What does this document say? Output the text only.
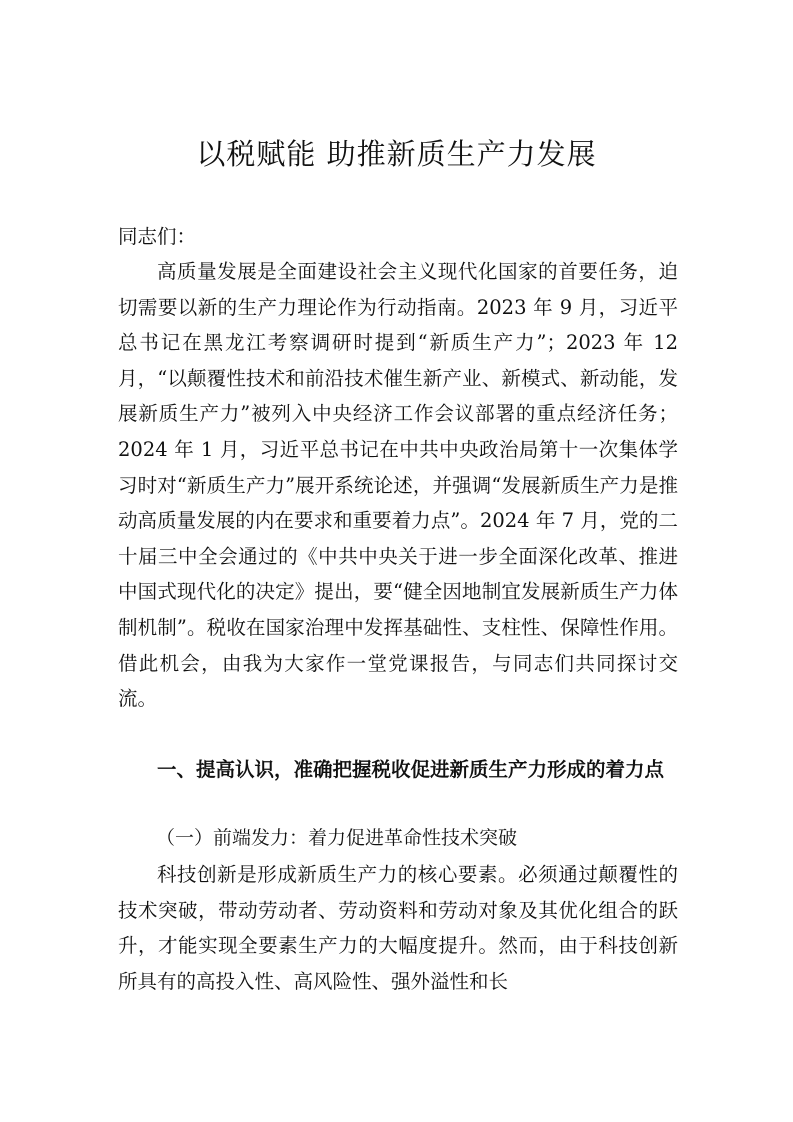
以税赋能 助推新质生产力发展

同志们：

高质量发展是全面建设社会主义现代化国家的首要任务，迫切需要以新的生产力理论作为行动指南。2023 年 9 月，习近平总书记在黑龙江考察调研时提到“新质生产力”；2023 年 12 月，“以颠覆性技术和前沿技术催生新产业、新模式、新动能，发展新质生产力”被列入中央经济工作会议部署的重点经济任务；2024 年 1 月，习近平总书记在中共中央政治局第十一次集体学习时对“新质生产力”展开系统论述，并强调“发展新质生产力是推动高质量发展的内在要求和重要着力点”。2024 年 7 月，党的二十届三中全会通过的《中共中央关于进一步全面深化改革、推进中国式现代化的决定》提出，要“健全因地制宜发展新质生产力体制机制”。税收在国家治理中发挥基础性、支柱性、保障性作用。借此机会，由我为大家作一堂党课报告，与同志们共同探讨交流。

一、提高认识，准确把握税收促进新质生产力形成的着力点

（一）前端发力：着力促进革命性技术突破

科技创新是形成新质生产力的核心要素。必须通过颠覆性的技术突破，带动劳动者、劳动资料和劳动对象及其优化组合的跃升，才能实现全要素生产力的大幅度提升。然而，由于科技创新所具有的高投入性、高风险性、强外溢性和长
